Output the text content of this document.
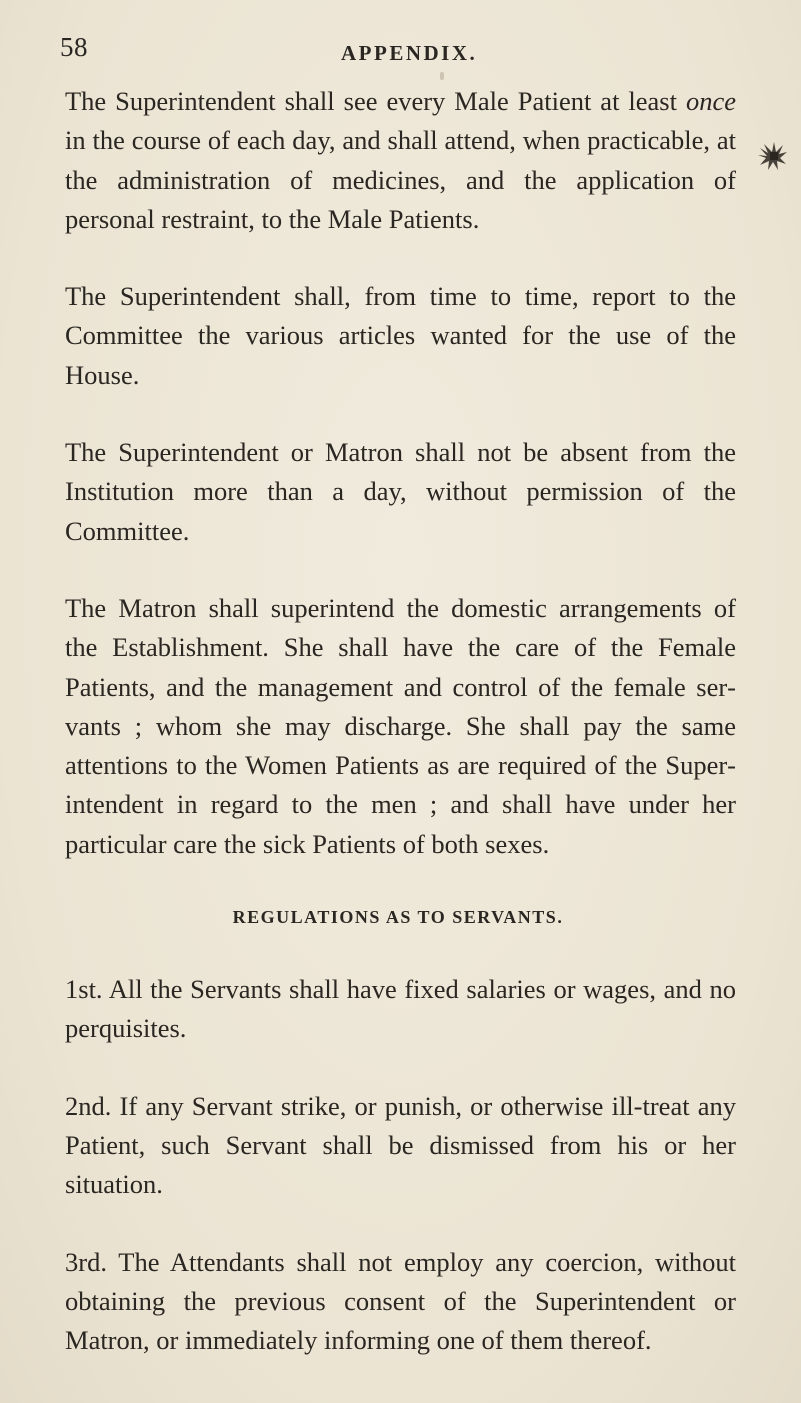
58	APPENDIX.

The Superintendent shall see every Male Patient at least once in the course of each day, and shall attend, when practicable, at the administration of medicines, and the application of personal restraint, to the Male Patients.

The Superintendent shall, from time to time, report to the Committee the various articles wanted for the use of the House.

The Superintendent or Matron shall not be absent from the Institution more than a day, without permission of the Committee.

The Matron shall superintend the domestic arrangements of the Establishment. She shall have the care of the Female Patients, and the management and control of the female servants ; whom she may discharge. She shall pay the same attentions to the Women Patients as are required of the Superintendent in regard to the men ; and shall have under her particular care the sick Patients of both sexes.

REGULATIONS AS TO SERVANTS.

1st. All the Servants shall have fixed salaries or wages, and no perquisites.

2nd. If any Servant strike, or punish, or otherwise ill-treat any Patient, such Servant shall be dismissed from his or her situation.

3rd. The Attendants shall not employ any coercion, without obtaining the previous consent of the Superintendent or Matron, or immediately informing one of them thereof.
